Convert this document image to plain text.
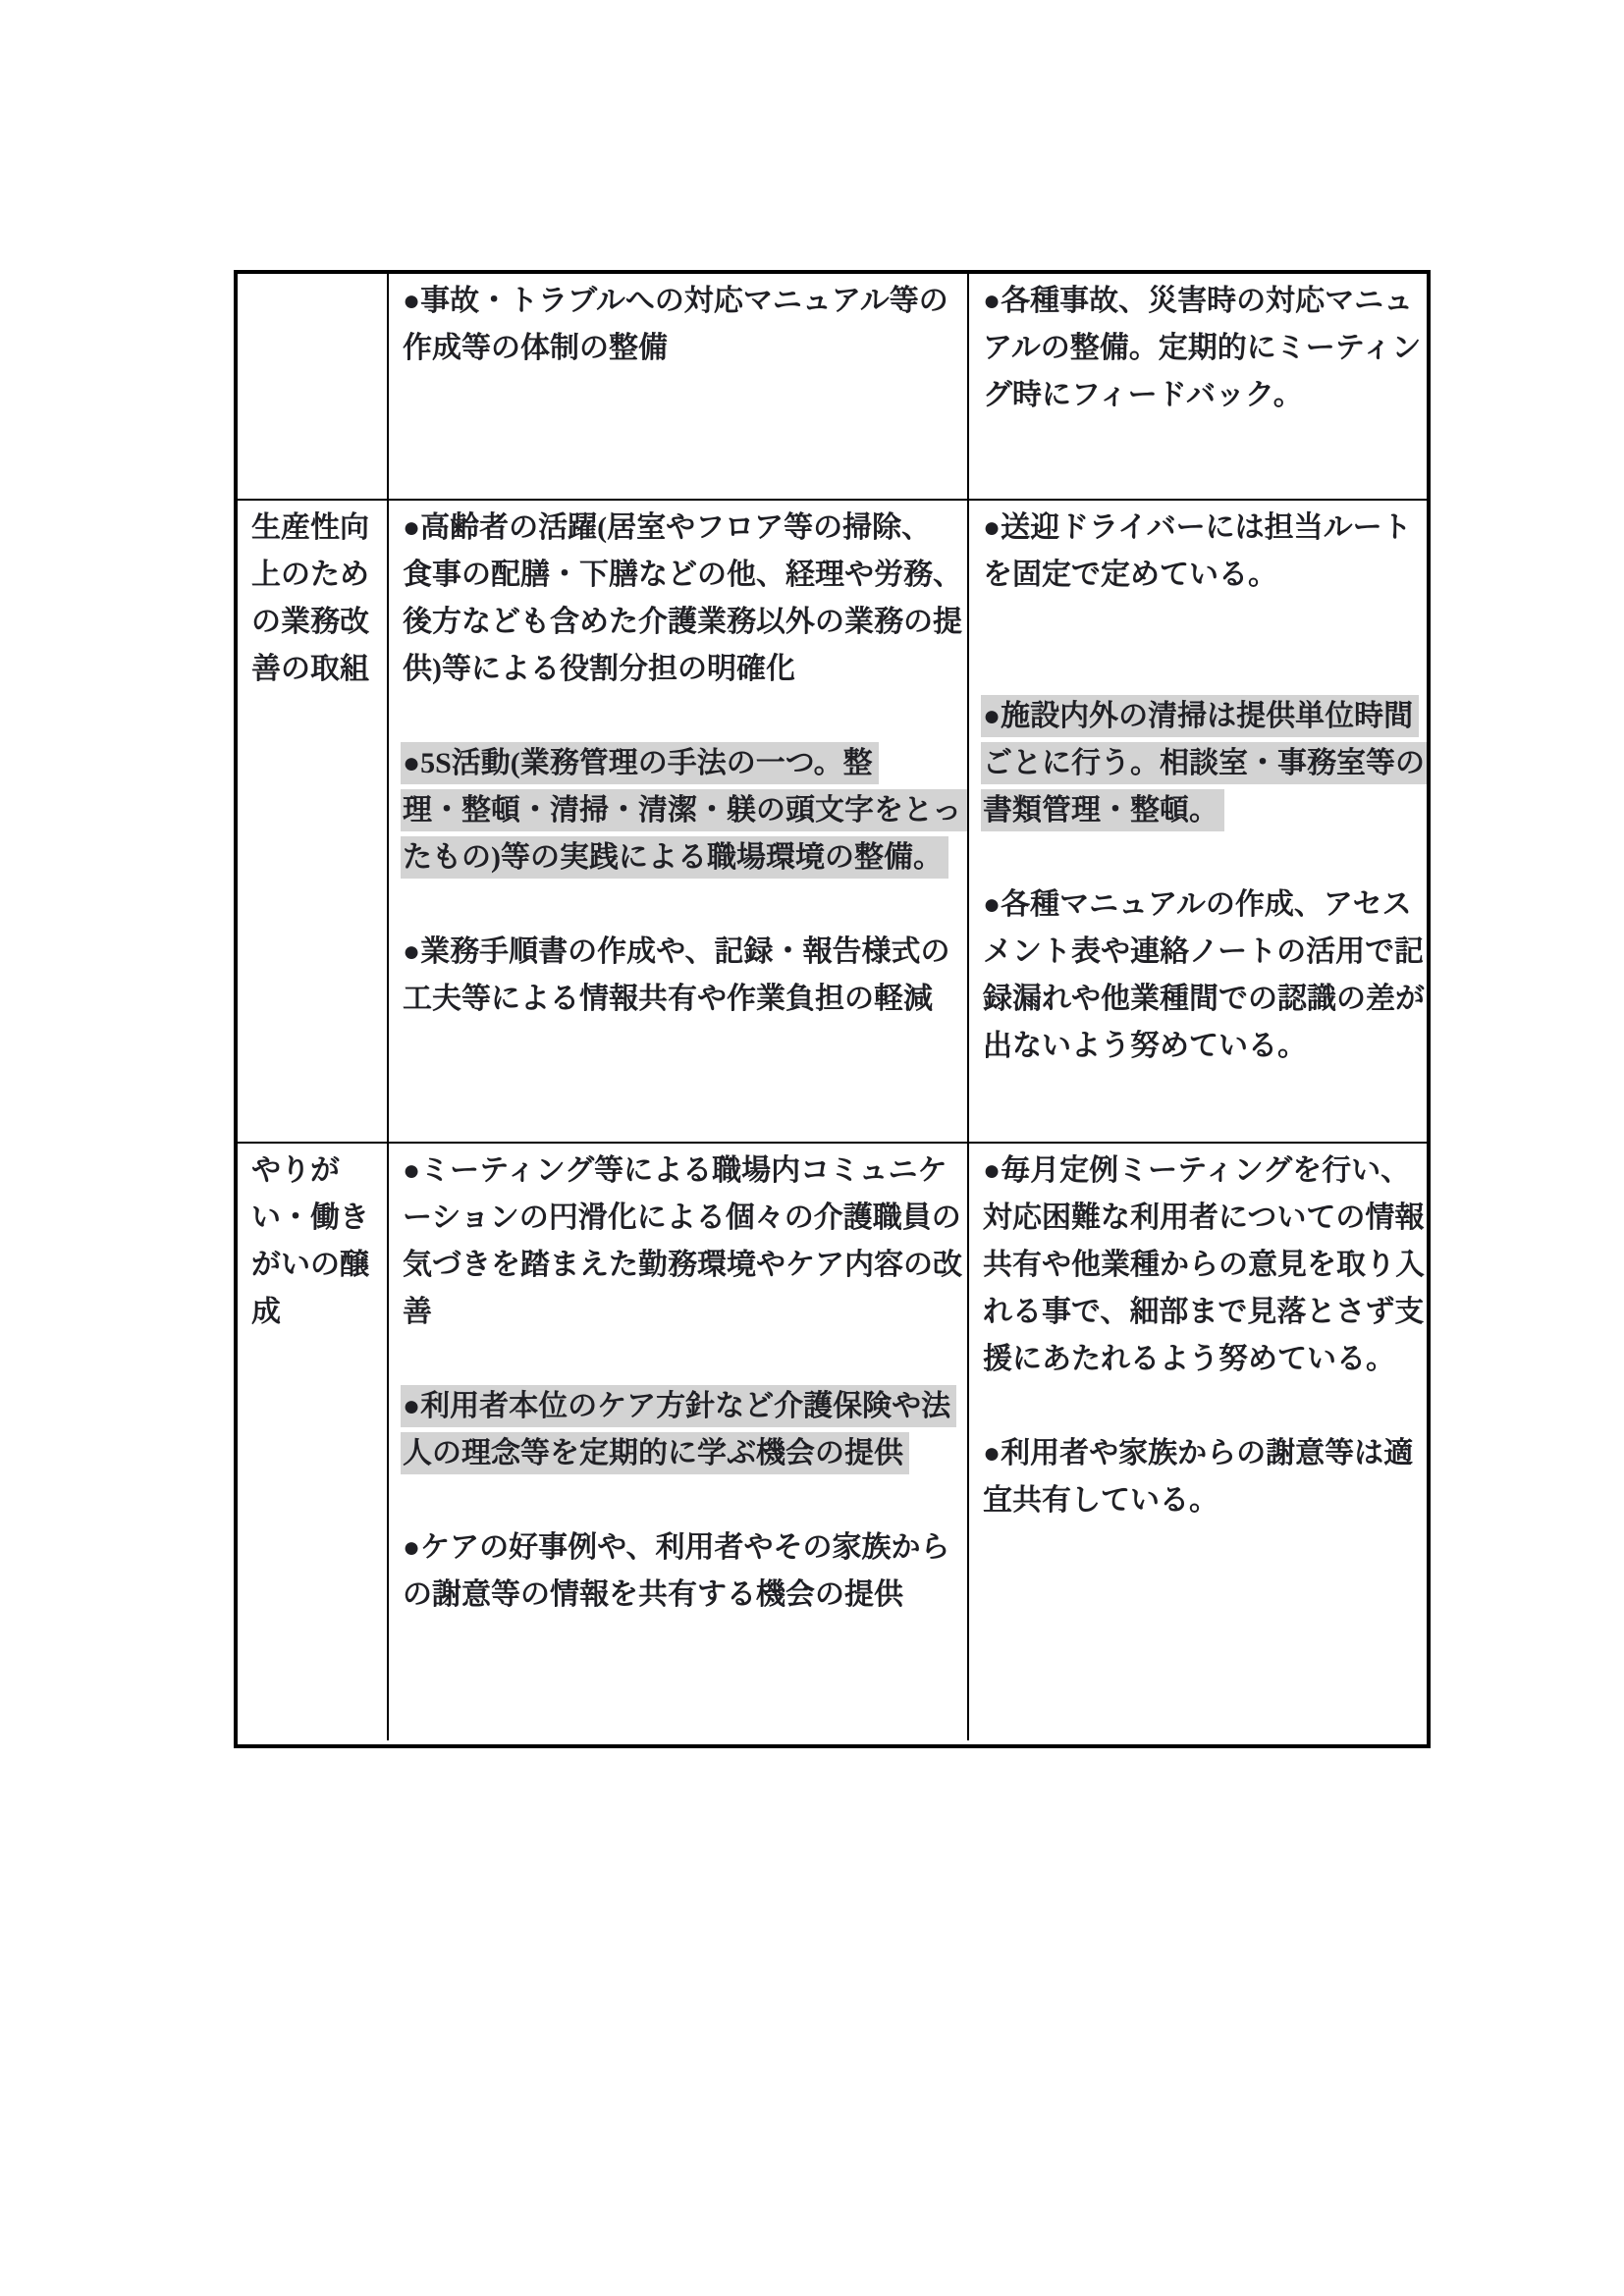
●事故・トラブルへの対応マニュアル等の
作成等の体制の整備
●各種事故、災害時の対応マニュ
アルの整備。定期的にミーティン
グ時にフィードバック。
生産性向
上のため
の業務改
善の取組
●高齢者の活躍(居室やフロア等の掃除、
食事の配膳・下膳などの他、経理や労務、
後方なども含めた介護業務以外の業務の提
供)等による役割分担の明確化
●5S活動(業務管理の手法の一つ。整
理・整頓・清掃・清潔・躾の頭文字をとっ
たもの)等の実践による職場環境の整備。
●業務手順書の作成や、記録・報告様式の
工夫等による情報共有や作業負担の軽減
●送迎ドライバーには担当ルート
を固定で定めている。
●施設内外の清掃は提供単位時間
ごとに行う。相談室・事務室等の
書類管理・整頓。
●各種マニュアルの作成、アセス
メント表や連絡ノートの活用で記
録漏れや他業種間での認識の差が
出ないよう努めている。
やりが
い・働き
がいの醸
成
●ミーティング等による職場内コミュニケ
ーションの円滑化による個々の介護職員の
気づきを踏まえた勤務環境やケア内容の改
善
●利用者本位のケア方針など介護保険や法
人の理念等を定期的に学ぶ機会の提供
●ケアの好事例や、利用者やその家族から
の謝意等の情報を共有する機会の提供
●毎月定例ミーティングを行い、
対応困難な利用者についての情報
共有や他業種からの意見を取り入
れる事で、細部まで見落とさず支
援にあたれるよう努めている。
●利用者や家族からの謝意等は適
宜共有している。
